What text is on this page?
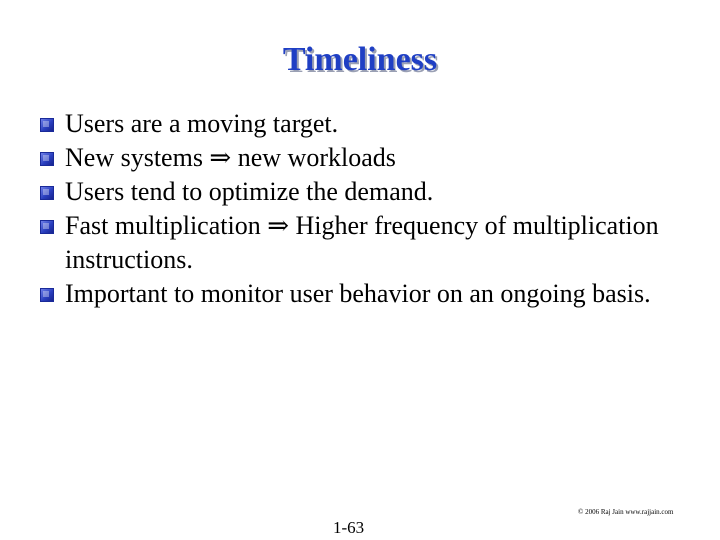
Timeliness
Users are a moving target.
New systems ⇒ new workloads
Users tend to optimize the demand.
Fast multiplication ⇒ Higher frequency of multiplication instructions.
Important to monitor user behavior on an ongoing basis.
© 2006 Raj Jain www.rajjain.com
1-63
